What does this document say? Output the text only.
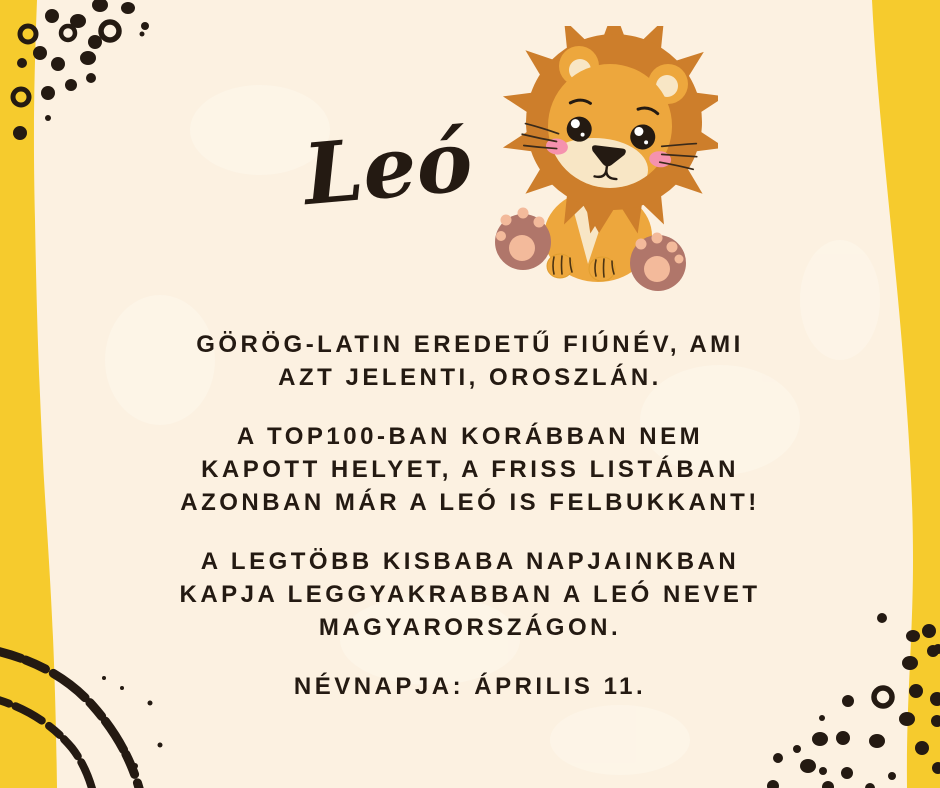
Leó

GÖRÖG-LATIN EREDETŰ FIÚNÉV, AMI
AZT JELENTI, OROSZLÁN.

A TOP100-BAN KORÁBBAN NEM
KAPOTT HELYET, A FRISS LISTÁBAN
AZONBAN MÁR A LEÓ IS FELBUKKANT!

A LEGTÖBB KISBABA NAPJAINKBAN
KAPJA LEGGYAKRABBAN A LEÓ NEVET
MAGYARORSZÁGON.

NÉVNAPJA: ÁPRILIS 11.
